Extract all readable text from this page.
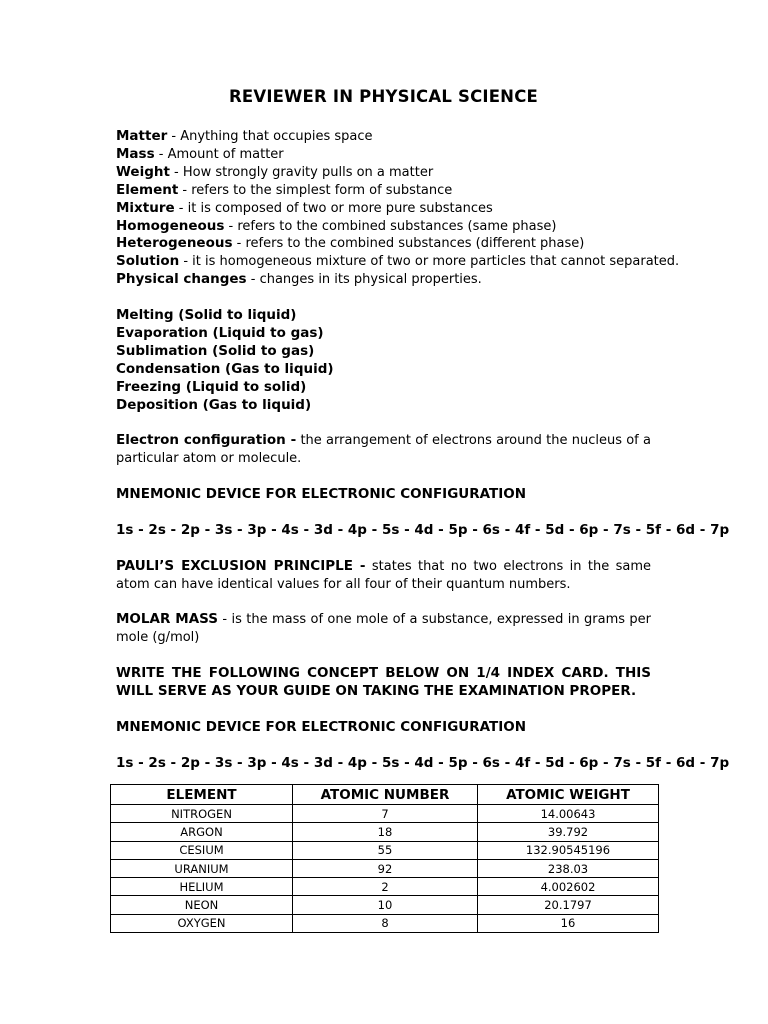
REVIEWER IN PHYSICAL SCIENCE
Matter - Anything that occupies space
Mass - Amount of matter
Weight - How strongly gravity pulls on a matter
Element - refers to the simplest form of substance
Mixture - it is composed of two or more pure substances
Homogeneous - refers to the combined substances (same phase)
Heterogeneous - refers to the combined substances (different phase)
Solution - it is homogeneous mixture of two or more particles that cannot separated.
Physical changes - changes in its physical properties.
Melting (Solid to liquid)
Evaporation (Liquid to gas)
Sublimation (Solid to gas)
Condensation (Gas to liquid)
Freezing (Liquid to solid)
Deposition (Gas to liquid)
Electron configuration - the arrangement of electrons around the nucleus of a particular atom or molecule.
MNEMONIC DEVICE FOR ELECTRONIC CONFIGURATION
1s - 2s - 2p - 3s - 3p - 4s - 3d - 4p - 5s - 4d - 5p - 6s - 4f - 5d - 6p - 7s - 5f - 6d - 7p
PAULI’S EXCLUSION PRINCIPLE - states that no two electrons in the same atom can have identical values for all four of their quantum numbers.
MOLAR MASS - is the mass of one mole of a substance, expressed in grams per mole (g/mol)
WRITE THE FOLLOWING CONCEPT BELOW ON 1/4 INDEX CARD. THIS WILL SERVE AS YOUR GUIDE ON TAKING THE EXAMINATION PROPER.
MNEMONIC DEVICE FOR ELECTRONIC CONFIGURATION
1s - 2s - 2p - 3s - 3p - 4s - 3d - 4p - 5s - 4d - 5p - 6s - 4f - 5d - 6p - 7s - 5f - 6d - 7p
ELEMENT	ATOMIC NUMBER	ATOMIC WEIGHT
NITROGEN	7	14.00643
ARGON	18	39.792
CESIUM	55	132.90545196
URANIUM	92	238.03
HELIUM	2	4.002602
NEON	10	20.1797
OXYGEN	8	16
